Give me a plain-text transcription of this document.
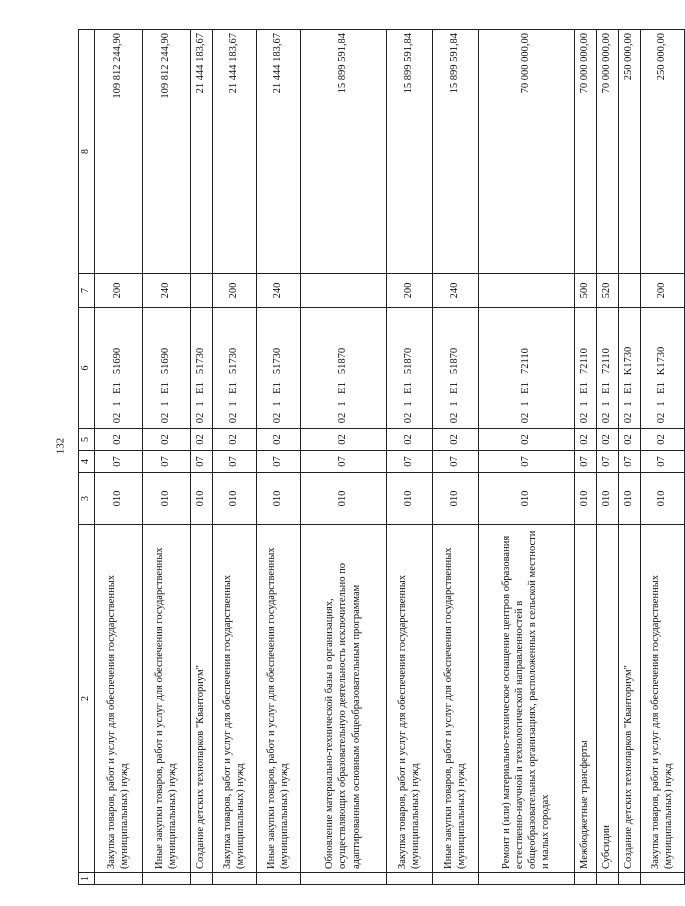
132
1	2	3	4	5	6	7	8
	Закупка товаров, работ и услуг для обеспечения государственных (муниципальных) нужд	010	07	02	021E151690	200	109 812 244,90
	Иные закупки товаров, работ и услуг для обеспечения государственных (муниципальных) нужд	010	07	02	021E151690	240	109 812 244,90
	Создание детских технопарков "Кванториум"	010	07	02	021E151730		21 444 183,67
	Закупка товаров, работ и услуг для обеспечения государственных (муниципальных) нужд	010	07	02	021E151730	200	21 444 183,67
	Иные закупки товаров, работ и услуг для обеспечения государственных (муниципальных) нужд	010	07	02	021E151730	240	21 444 183,67
	Обновление материально-технической базы в организациях, осуществляющих образовательную деятельность исключительно по адаптированным основным общеобразовательным программам	010	07	02	021E151870		15 899 591,84
	Закупка товаров, работ и услуг для обеспечения государственных (муниципальных) нужд	010	07	02	021E151870	200	15 899 591,84
	Иные закупки товаров, работ и услуг для обеспечения государственных (муниципальных) нужд	010	07	02	021E151870	240	15 899 591,84
	Ремонт и (или) материально-техническое оснащение центров образования естественно-научной и технологической направленностей в общеобразовательных организациях, расположенных в сельской местности и малых городах	010	07	02	021E172110		70 000 000,00
	Межбюджетные трансферты	010	07	02	021E172110	500	70 000 000,00
	Субсидии	010	07	02	021E172110	520	70 000 000,00
	Создание детских технопарков "Кванториум"	010	07	02	021E1K1730		250 000,00
	Закупка товаров, работ и услуг для обеспечения государственных (муниципальных) нужд	010	07	02	021E1K1730	200	250 000,00
